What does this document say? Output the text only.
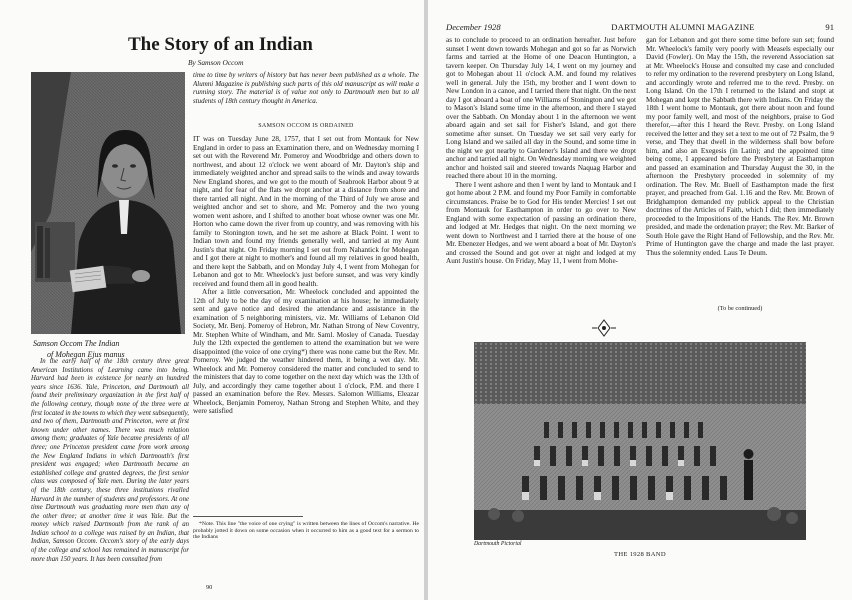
The Story of an Indian
By Samson Occom
Samson Occom The Indian
of Mohegan Ejus manus

In the early half of the 18th century three great American Institutions of Learning came into being. Harvard had been in existence for nearly an hundred years since 1636. Yale, Princeton, and Dartmouth all found their preliminary organization in the first half of the following century, though none of the three were at first located in the towns to which they went subsequently, and two of them, Dartmouth and Princeton, were at first known under other names. There was much relation among them; graduates of Yale became presidents of all three; one Princeton president came from work among the New England Indians in which Dartmouth's first president was engaged; when Dartmouth became an established college and granted degrees, the first senior class was composed of Yale men. During the later years of the 18th century, these three institutions rivalled Harvard in the number of students and professors. At one time Dartmouth was graduating more men than any of the other three; at another time it was Yale. But the money which raised Dartmouth from the rank of an Indian school to a college was raised by an Indian, that Indian, Samson Occom. Occom's story of the early days of the college and school has remained in manuscript for more than 150 years. It has been consulted from

time to time by writers of history but has never been published as a whole. The Alumni Magazine is publishing such parts of this old manuscript as will make a running story. The material is of value not only to Dartmouth men but to all students of 18th century thought in America.

SAMSON OCCOM IS ORDAINED

IT was on Tuesday June 28, 1757, that I set out from Montauk for New England in order to pass an Examination there, and on Wednesday morning I set out with the Reverend Mr. Pomeroy and Woodbridge and others down to northwest, and about 12 o'clock we went aboard of Mr. Dayton's ship and immediately weighted anchor and spread sails to the winds and away towards New England shores, and we got to the mouth of Seabrook Harbor about 9 at night, and for fear of the flats we dropt anchor at a distance from shore and there tarried all night. And in the morning of the Third of July we arose and weighted anchor and set to shore, and Mr. Pomeroy and the two young women went ashore, and I shifted to another boat whose owner was one Mr. Horton who came down the river from up country, and was removing with his family to Stonington town, and he set me ashore at Black Point. I went to Indian town and found my friends generally well, and tarried at my Aunt Justin's that night. On Friday morning I set out from Nahantick for Mohegan and I got there at night to mother's and found all my relatives in good health, and there kept the Sabbath, and on Monday July 4, I went from Mohegan for Lebanon and got to Mr. Wheelock's just before sunset, and was very kindly received and found them all in good health.

After a little conversation, Mr. Wheelock concluded and appointed the 12th of July to be the day of my examination at his house; he immediately sent and gave notice and desired the attendance and assistance in the examination of 5 neighboring ministers, viz. Mr. Williams of Lebanon Old Society, Mr. Benj. Pomeroy of Hebron, Mr. Nathan Strong of New Coventry, Mr. Stephen White of Windham, and Mr. Saml. Mosley of Canada. Tuesday July the 12th expected the gentlemen to attend the examination but we were disappointed (the voice of one crying*) there was none came but the Rev. Mr. Pomeroy. We judged the weather hindered them, it being a wet day. Mr. Wheelock and Mr. Pomeroy considered the matter and concluded to send to the ministers that day to come together on the next day which was the 13th of July, and accordingly they came together about 1 o'clock, P.M. and there I passed an examination before the Rev. Messrs. Salomon Williams, Eleazar Wheelock, Benjamin Pomeroy, Nathan Strong and Stephen White, and they were satisfied

*Note. This line "the voice of one crying" is written between the lines of Occom's narrative. He probably jotted it down on some occasion when it occurred to him as a good text for a sermon to the Indians

90
December 1928	DARTMOUTH ALUMNI MAGAZINE	91

as to conclude to proceed to an ordination hereafter. Just before sunset I went down towards Mohegan and got so far as Norwich farms and tarried at the Home of one Deacon Huntington, a tavern keeper. On Thursday July 14, I went on my journey and got to Mohegan about 11 o'clock A.M. and found my relatives well in general. July the 15th, my brother and I went down to New London in a canoe, and I tarried there that night. On the next day I got aboard a boat of one Williams of Stonington and we got to Mason's Island some time in the afternoon, and there I stayed over the Sabbath. On Monday about 1 in the afternoon we went aboard again and set sail for Fisher's Island, and got there sometime after sunset. On Tuesday we set sail very early for Long Island and we sailed all day in the Sound, and some time in the night we got nearby to Gardener's Island and there we dropt anchor and tarried all night. On Wednesday morning we weighted anchor and hoisted sail and steered towards Naquag Harbor and reached there about 10 in the morning.

There I went ashore and then I went by land to Montauk and I got home about 2 P.M. and found my Poor Family in comfortable circumstances. Praise be to God for His tender Mercies! I set out from Montauk for Easthampton in order to go over to New England with some expectation of passing an ordination there, and lodged at Mr. Hedges that night. On the next morning we went down to Northwest and I tarried there at the house of one Mr. Ebenezer Hedges, and we went aboard a boat of Mr. Dayton's and crossed the Sound and got over at night and lodged at my Aunt Justin's house. On Friday, May 11, I went from Mohe-

gan for Lebanon and got there some time before sun set; found Mr. Wheelock's family very poorly with Measels especially our David (Fowler). On May the 15th, the reverend Association sat at Mr. Wheelock's House and consulted my case and concluded to refer my ordination to the reverend presbytery on Long Island, and accordingly wrote and referred me to the revd. Presby. on Long Island. On the 17th I returned to the Island and stopt at Mohegan and kept the Sabbath there with Indians. On Friday the 18th I went home to Montauk, got there about noon and found my poor family well, and most of the neighbors, praise to God therefor,—after this I heard the Revr. Presby. on Long Island received the letter and they set a text to me out of 72 Psalm, the 9 verse, and They that dwell in the wilderness shall bow before him, and also an Exegesis (in Latin); and the appointed time being come, I appeared before the Presbytery at Easthampton and passed an examination and Thursday August the 30, in the afternoon the Presbytery proceeded in solemnity of my ordination. The Rev. Mr. Buell of Easthampton made the first prayer, and preached from Gal. 1.16 and the Rev. Mr. Brown of Bridghampton demanded my publick appeal to the Christian doctrines of the Articles of Faith, which I did; then immediately proceeded to the Impositions of the Hands. The Rev. Mr. Brown presided, and made the ordenation prayer; the Rev. Mr. Barker of South Hole gave the Right Hand of Fellowship, and the Rev. Mr. Prime of Huntington gave the charge and made the last prayer. Thus the solemnity ended. Laus Te Deum.

(To be continued)
Dartmouth Pictorial
THE 1928 BAND
